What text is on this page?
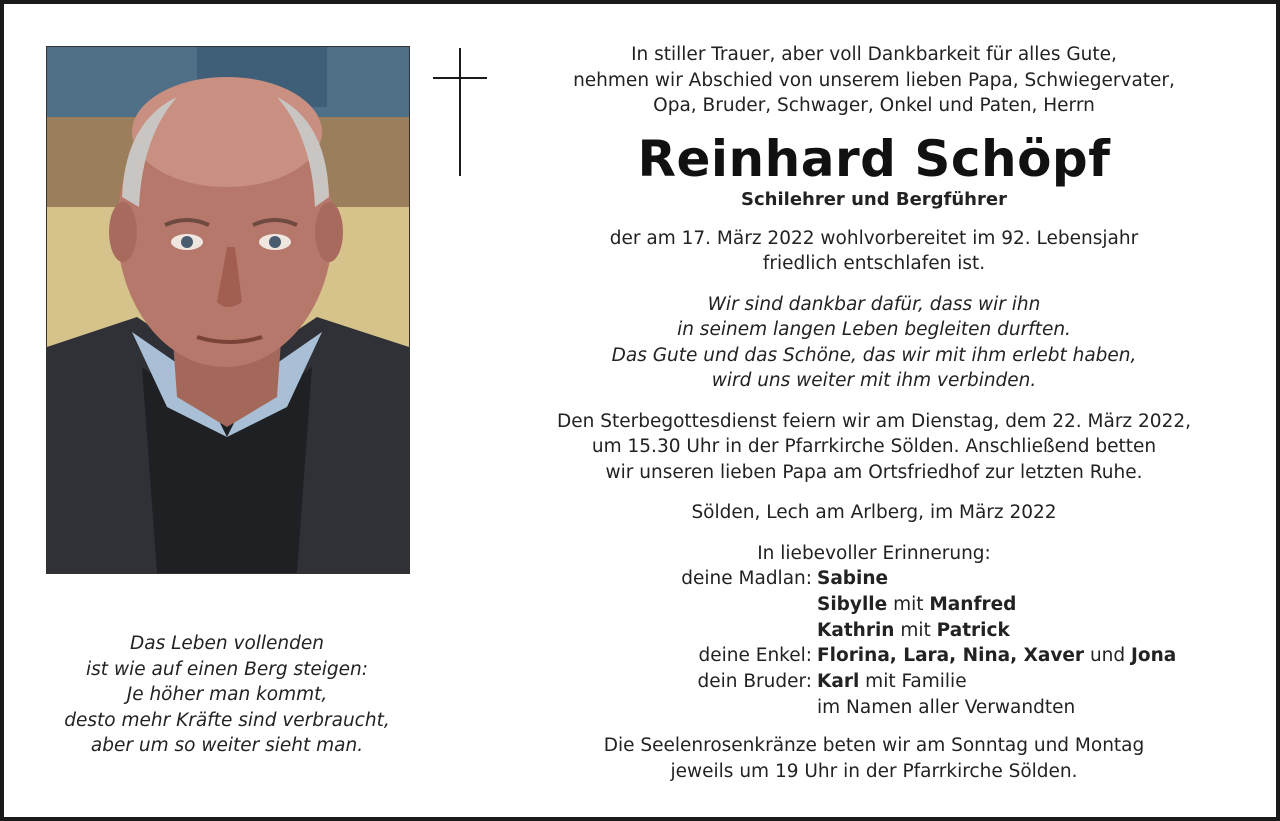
In stiller Trauer, aber voll Dankbarkeit für alles Gute,
nehmen wir Abschied von unserem lieben Papa, Schwiegervater,
Opa, Bruder, Schwager, Onkel und Paten, Herrn
Reinhard Schöpf
Schilehrer und Bergführer
der am 17. März 2022 wohlvorbereitet im 92. Lebensjahr
friedlich entschlafen ist.
Wir sind dankbar dafür, dass wir ihn
in seinem langen Leben begleiten durften.
Das Gute und das Schöne, das wir mit ihm erlebt haben,
wird uns weiter mit ihm verbinden.
Den Sterbegottesdienst feiern wir am Dienstag, dem 22. März 2022,
um 15.30 Uhr in der Pfarrkirche Sölden. Anschließend betten
wir unseren lieben Papa am Ortsfriedhof zur letzten Ruhe.
Sölden, Lech am Arlberg, im März 2022
In liebevoller Erinnerung:
deine Madlan: Sabine
Sibylle mit Manfred
Kathrin mit Patrick
deine Enkel: Florina, Lara, Nina, Xaver und Jona
dein Bruder: Karl mit Familie
im Namen aller Verwandten
Die Seelenrosenkränze beten wir am Sonntag und Montag
jeweils um 19 Uhr in der Pfarrkirche Sölden.
Das Leben vollenden
ist wie auf einen Berg steigen:
Je höher man kommt,
desto mehr Kräfte sind verbraucht,
aber um so weiter sieht man.
